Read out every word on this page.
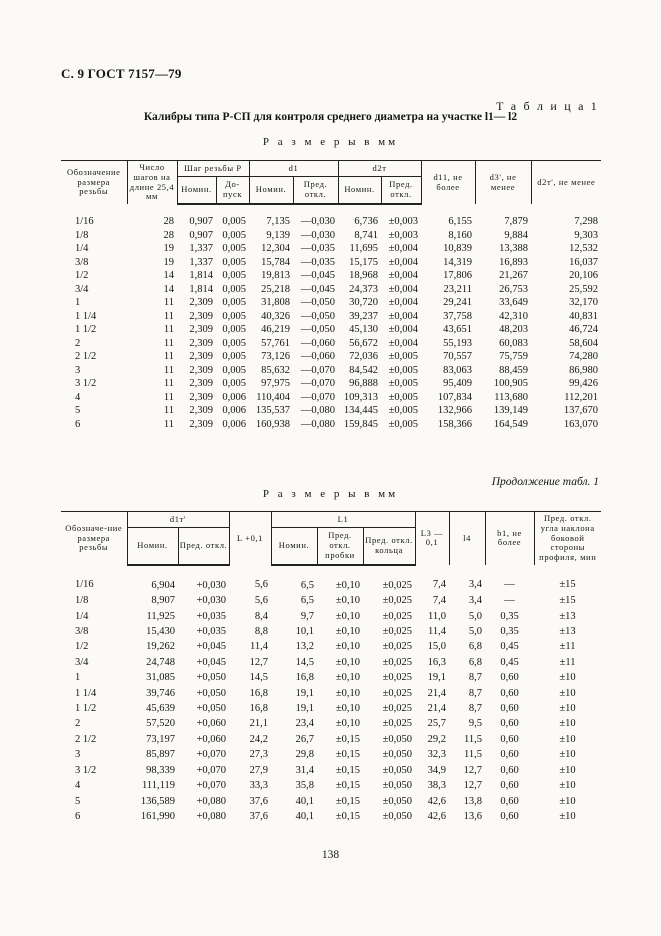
С. 9 ГОСТ 7157—79
Т а б л и ц а 1
Калибры типа Р-СП для контроля среднего диаметра на участке l1— l2
Р а з м е р ы в мм
Обозначение размера резьбы	Число шагов на длине 25,4 мм	Шаг резьбы P		d1		d2т		d11, не более	d3', не менее	d2т', не менее
		Номин.	До-пуск	Номин.	Пред. откл.	Номин.	Пред. откл.			
1/16	28	0,907	0,005	7,135	—0,030	6,736	±0,003	6,155	7,879	7,298
1/8	28	0,907	0,005	9,139	—0,030	8,741	±0,003	8,160	9,884	9,303
1/4	19	1,337	0,005	12,304	—0,035	11,695	±0,004	10,839	13,388	12,532
3/8	19	1,337	0,005	15,784	—0,035	15,175	±0,004	14,319	16,893	16,037
1/2	14	1,814	0,005	19,813	—0,045	18,968	±0,004	17,806	21,267	20,106
3/4	14	1,814	0,005	25,218	—0,045	24,373	±0,004	23,211	26,753	25,592
1	11	2,309	0,005	31,808	—0,050	30,720	±0,004	29,241	33,649	32,170
1 1/4	11	2,309	0,005	40,326	—0,050	39,237	±0,004	37,758	42,310	40,831
1 1/2	11	2,309	0,005	46,219	—0,050	45,130	±0,004	43,651	48,203	46,724
2	11	2,309	0,005	57,761	—0,060	56,672	±0,004	55,193	60,083	58,604
2 1/2	11	2,309	0,005	73,126	—0,060	72,036	±0,005	70,557	75,759	74,280
3	11	2,309	0,005	85,632	—0,070	84,542	±0,005	83,063	88,459	86,980
3 1/2	11	2,309	0,005	97,975	—0,070	96,888	±0,005	95,409	100,905	99,426
4	11	2,309	0,006	110,404	—0,070	109,313	±0,005	107,834	113,680	112,201
5	11	2,309	0,006	135,537	—0,080	134,445	±0,005	132,966	139,149	137,670
6	11	2,309	0,006	160,938	—0,080	159,845	±0,005	158,366	164,549	163,070
Продолжение табл. 1
Р а з м е р ы в мм
Обозначе-ние размера резьбы	d1т'		L +0,1	L1			L3 —0,1	l4	b1, не более	Пред. откл. угла наклона боковой стороны профиля, мин
	Номин.	Пред. откл.		Номин.	Пред. откл. пробки	Пред. откл. кольца				
1/16	6,904	+0,030	5,6	6,5	±0,10	±0,025	7,4	3,4	—	±15
1/8	8,907	+0,030	5,6	6,5	±0,10	±0,025	7,4	3,4	—	±15
1/4	11,925	+0,035	8,4	9,7	±0,10	±0,025	11,0	5,0	0,35	±13
3/8	15,430	+0,035	8,8	10,1	±0,10	±0,025	11,4	5,0	0,35	±13
1/2	19,262	+0,045	11,4	13,2	±0,10	±0,025	15,0	6,8	0,45	±11
3/4	24,748	+0,045	12,7	14,5	±0,10	±0,025	16,3	6,8	0,45	±11
1	31,085	+0,050	14,5	16,8	±0,10	±0,025	19,1	8,7	0,60	±10
1 1/4	39,746	+0,050	16,8	19,1	±0,10	±0,025	21,4	8,7	0,60	±10
1 1/2	45,639	+0,050	16,8	19,1	±0,10	±0,025	21,4	8,7	0,60	±10
2	57,520	+0,060	21,1	23,4	±0,10	±0,025	25,7	9,5	0,60	±10
2 1/2	73,197	+0,060	24,2	26,7	±0,15	±0,050	29,2	11,5	0,60	±10
3	85,897	+0,070	27,3	29,8	±0,15	±0,050	32,3	11,5	0,60	±10
3 1/2	98,339	+0,070	27,9	31,4	±0,15	±0,050	34,9	12,7	0,60	±10
4	111,119	+0,070	33,3	35,8	±0,15	±0,050	38,3	12,7	0,60	±10
5	136,589	+0,080	37,6	40,1	±0,15	±0,050	42,6	13,8	0,60	±10
6	161,990	+0,080	37,6	40,1	±0,15	±0,050	42,6	13,6	0,60	±10
138
